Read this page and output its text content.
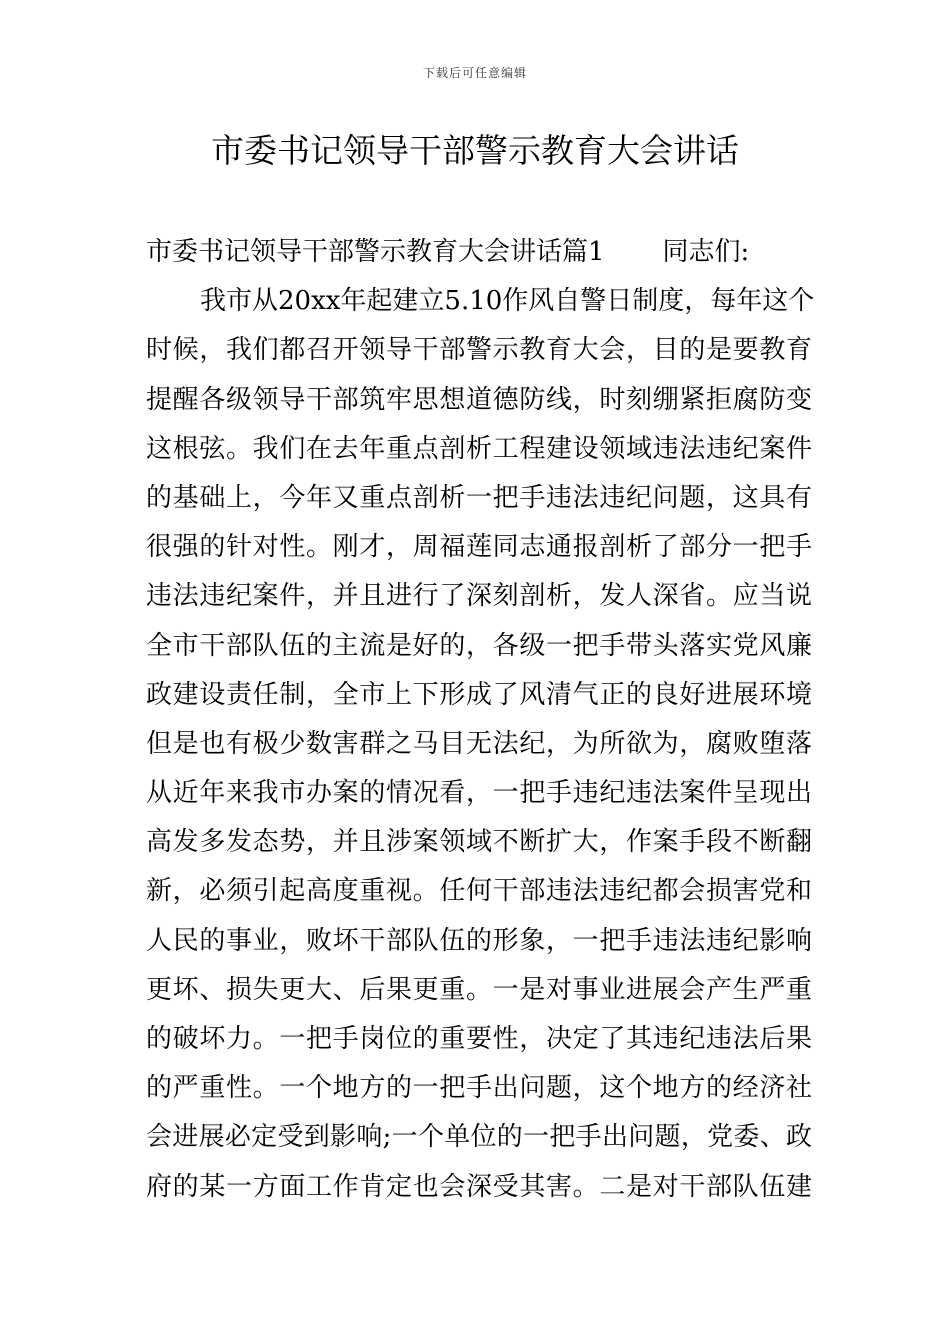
下载后可任意编辑
市委书记领导干部警示教育大会讲话
市委书记领导干部警示教育大会讲话篇1 同志们:
我市从20xx年起建立5.10作风自警日制度，每年这个
时候，我们都召开领导干部警示教育大会，目的是要教育
提醒各级领导干部筑牢思想道德防线，时刻绷紧拒腐防变
这根弦。我们在去年重点剖析工程建设领域违法违纪案件
的基础上，今年又重点剖析一把手违法违纪问题，这具有
很强的针对性。刚才，周福莲同志通报剖析了部分一把手
违法违纪案件，并且进行了深刻剖析，发人深省。应当说
全市干部队伍的主流是好的，各级一把手带头落实党风廉
政建设责任制，全市上下形成了风清气正的良好进展环境
但是也有极少数害群之马目无法纪，为所欲为，腐败堕落
从近年来我市办案的情况看，一把手违纪违法案件呈现出
高发多发态势，并且涉案领域不断扩大，作案手段不断翻
新，必须引起高度重视。任何干部违法违纪都会损害党和
人民的事业，败坏干部队伍的形象，一把手违法违纪影响
更坏、损失更大、后果更重。一是对事业进展会产生严重
的破坏力。一把手岗位的重要性，决定了其违纪违法后果
的严重性。一个地方的一把手出问题，这个地方的经济社
会进展必定受到影响;一个单位的一把手出问题，党委、政
府的某一方面工作肯定也会深受其害。二是对干部队伍建
